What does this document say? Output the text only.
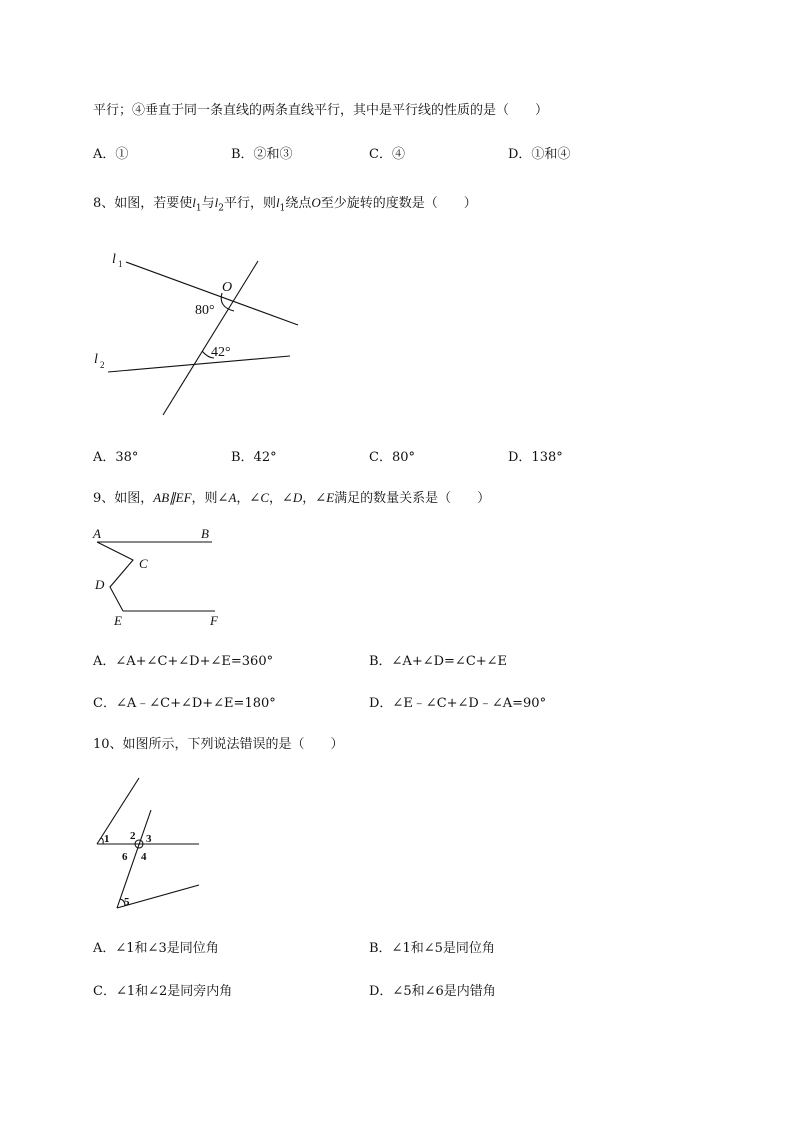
平行；④垂直于同一条直线的两条直线平行，其中是平行线的性质的是（　　）
A．①	B．②和③	C．④	D．①和④
8、如图，若要使$l_1$与$l_2$平行，则$l_1$绕点O至少旋转的度数是（　　）
l 1
l 2
O
80°
42°
A．38°	B．42°	C．80°	D．138°
9、如图，AB∥EF，则∠A，∠C，∠D，∠E满足的数量关系是（　　）
A	B
C
D
E	F
A．∠A+∠C+∠D+∠E=360°	B．∠A+∠D=∠C+∠E
C．∠A﹣∠C+∠D+∠E=180°	D．∠E﹣∠C+∠D﹣∠A=90°
10、如图所示，下列说法错误的是（　　）
1 2 3
6 4
5
A．∠1和∠3是同位角	B．∠1和∠5是同位角
C．∠1和∠2是同旁内角	D．∠5和∠6是内错角
